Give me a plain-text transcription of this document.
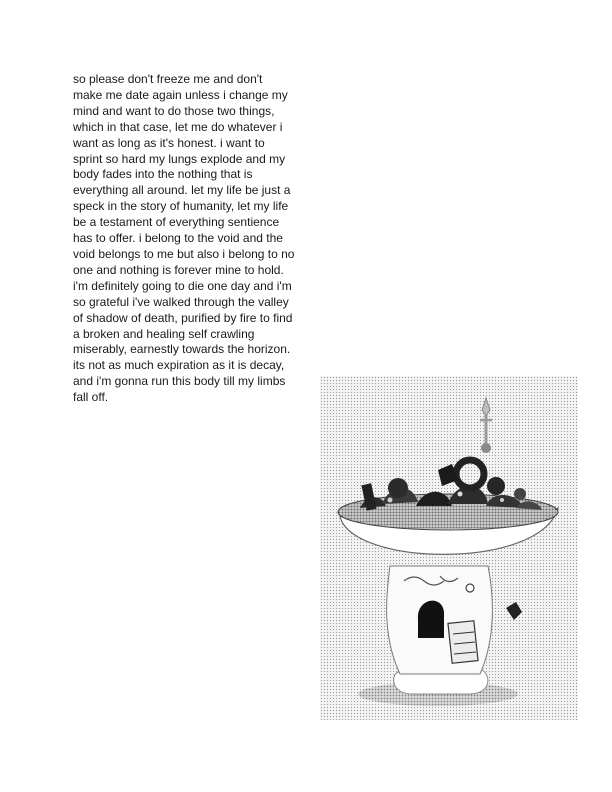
so please don't freeze me and don't
make me date again unless i change my
mind and want to do those two things,
which in that case, let me do whatever i
want as long as it's honest. i want to
sprint so hard my lungs explode and my
body fades into the nothing that is
everything all around. let my life be just a
speck in the story of humanity, let my life
be a testament of everything sentience
has to offer. i belong to the void and the
void belongs to me but also i belong to no
one and nothing is forever mine to hold.
i'm definitely going to die one day and i'm
so grateful i've walked through the valley
of shadow of death, purified by fire to find
a broken and healing self crawling
miserably, earnestly towards the horizon.
its not as much expiration as it is decay,
and i'm gonna run this body till my limbs
fall off.
